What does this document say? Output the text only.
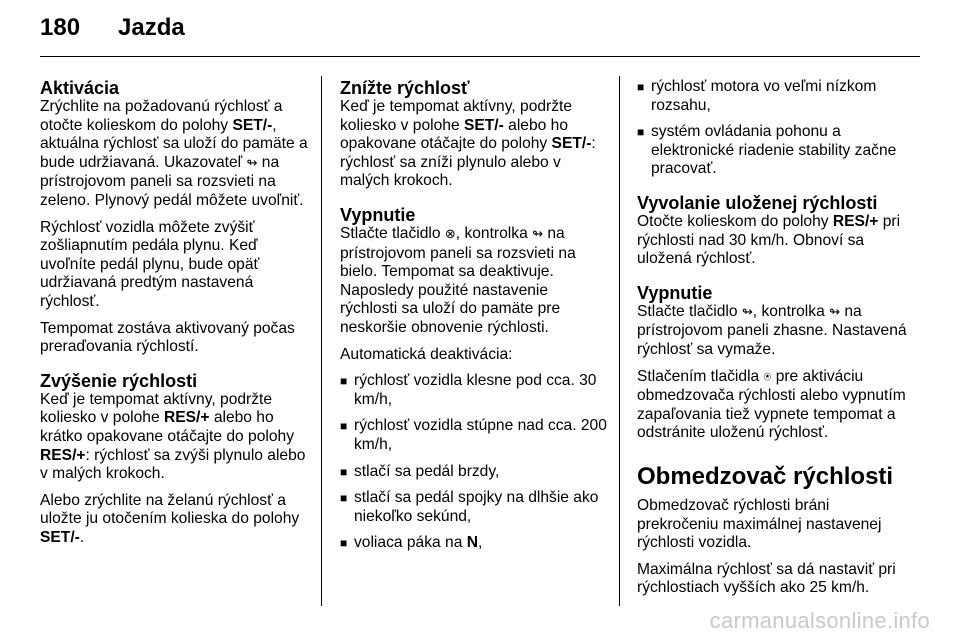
180 Jazda
Aktivácia

Zrýchlite na požadovanú rýchlosť a otočte kolieskom do polohy SET/-, aktuálna rýchlosť sa uloží do pamäte a bude udržiavaná. Ukazovateľ ↬ na prístrojovom paneli sa rozsvieti na zeleno. Plynový pedál môžete uvoľniť.

Rýchlosť vozidla môžete zvýšiť zošliapnutím pedála plynu. Keď uvoľníte pedál plynu, bude opäť udržiavaná predtým nastavená rýchlosť.

Tempomat zostáva aktivovaný počas preraďovania rýchlostí.

Zvýšenie rýchlosti

Keď je tempomat aktívny, podržte koliesko v polohe RES/+ alebo ho krátko opakovane otáčajte do polohy RES/+: rýchlosť sa zvýši plynulo alebo v malých krokoch.

Alebo zrýchlite na želanú rýchlosť a uložte ju otočením kolieska do polohy SET/-.

Znížte rýchlosť

Keď je tempomat aktívny, podržte koliesko v polohe SET/- alebo ho opakovane otáčajte do polohy SET/-: rýchlosť sa zníži plynulo alebo v malých krokoch.

Vypnutie

Stlačte tlačidlo ⊗, kontrolka ↬ na prístrojovom paneli sa rozsvieti na bielo. Tempomat sa deaktivuje. Naposledy použité nastavenie rýchlosti sa uloží do pamäte pre neskoršie obnovenie rýchlosti.

Automatická deaktivácia:

■ rýchlosť vozidla klesne pod cca. 30 km/h,
■ rýchlosť vozidla stúpne nad cca. 200 km/h,
■ stlačí sa pedál brzdy,
■ stlačí sa pedál spojky na dlhšie ako niekoľko sekúnd,
■ voliaca páka na N,
■ rýchlosť motora vo veľmi nízkom rozsahu,
■ systém ovládania pohonu a elektronické riadenie stability začne pracovať.
Vyvolanie uloženej rýchlosti

Otočte kolieskom do polohy RES/+ pri rýchlosti nad 30 km/h. Obnoví sa uložená rýchlosť.

Vypnutie

Stlačte tlačidlo ↬, kontrolka ↬ na prístrojovom paneli zhasne. Nastavená rýchlosť sa vymaže.

Stlačením tlačidla ⍟ pre aktiváciu obmedzovača rýchlosti alebo vypnutím zapaľovania tiež vypnete tempomat a odstránite uloženú rýchlosť.

Obmedzovač rýchlosti

Obmedzovač rýchlosti bráni prekročeniu maximálnej nastavenej rýchlosti vozidla.

Maximálna rýchlosť sa dá nastaviť pri rýchlostiach vyšších ako 25 km/h.

carmanualsonline.info
